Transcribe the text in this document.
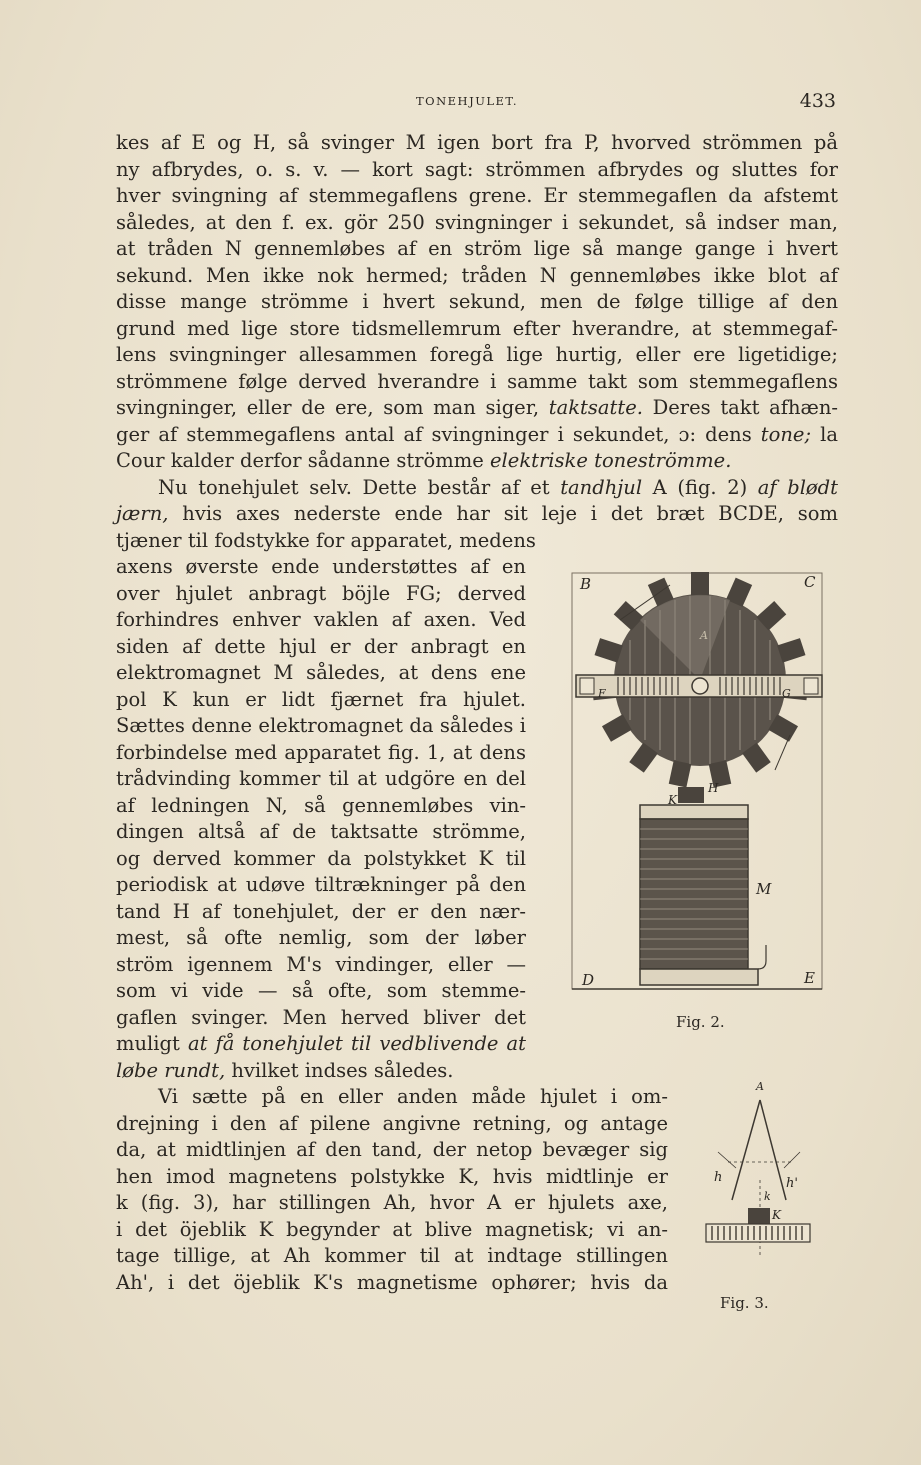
TONEHJULET.	433
kes af E og H, så svinger M igen bort fra P, hvorved strömmen på
ny afbrydes, o. s. v. — kort sagt: strömmen afbrydes og sluttes for
hver svingning af stemmegaflens grene. Er stemmegaflen da afstemt
således, at den f. ex. gör 250 svingninger i sekundet, så indser man,
at tråden N gennemløbes af en ström lige så mange gange i hvert
sekund. Men ikke nok hermed; tråden N gennemløbes ikke blot af
disse mange strömme i hvert sekund, men de følge tillige af den
grund med lige store tidsmellemrum efter hverandre, at stemmegaf-
lens svingninger allesammen foregå lige hurtig, eller ere ligetidige;
strömmene følge derved hverandre i samme takt som stemmegaflens
svingninger, eller de ere, som man siger, taktsatte. Deres takt afhæn-
ger af stemmegaflens antal af svingninger i sekundet, ɔ: dens tone; la
Cour kalder derfor sådanne strömme elektriske toneströmme.
Nu tonehjulet selv. Dette består af et tandhjul A (fig. 2) af blødt
jærn, hvis axes nederste ende har sit leje i det bræt BCDE, som
tjæner til fodstykke for apparatet, medens
axens øverste ende understøttes af en
over hjulet anbragt böjle FG; derved
forhindres enhver vaklen af axen. Ved
siden af dette hjul er der anbragt en
elektromagnet M således, at dens ene
pol K kun er lidt fjærnet fra hjulet.
Sættes denne elektromagnet da således i
forbindelse med apparatet fig. 1, at dens
trådvinding kommer til at udgöre en del
af ledningen N, så gennemløbes vin-
dingen altså af de taktsatte strömme,
og derved kommer da polstykket K til
periodisk at udøve tiltrækninger på den
tand H af tonehjulet, der er den nær-
mest, så ofte nemlig, som der løber
ström igennem M's vindinger, eller —
som vi vide — så ofte, som stemme-
gaflen svinger. Men herved bliver det
muligt at få tonehjulet til vedblivende at
løbe rundt, hvilket indses således.
Vi sætte på en eller anden måde hjulet i om-
drejning i den af pilene angivne retning, og antage
da, at midtlinjen af den tand, der netop bevæger sig
hen imod magnetens polstykke K, hvis midtlinje er
k (fig. 3), har stillingen Ah, hvor A er hjulets axe,
i det öjeblik K begynder at blive magnetisk; vi an-
tage tillige, at Ah kommer til at indtage stillingen
Ah', i det öjeblik K's magnetisme ophører; hvis da
B	C
F	G
A
K
H
M
D	E
Fig. 2.
A
h
k
h'
K
Fig. 3.
